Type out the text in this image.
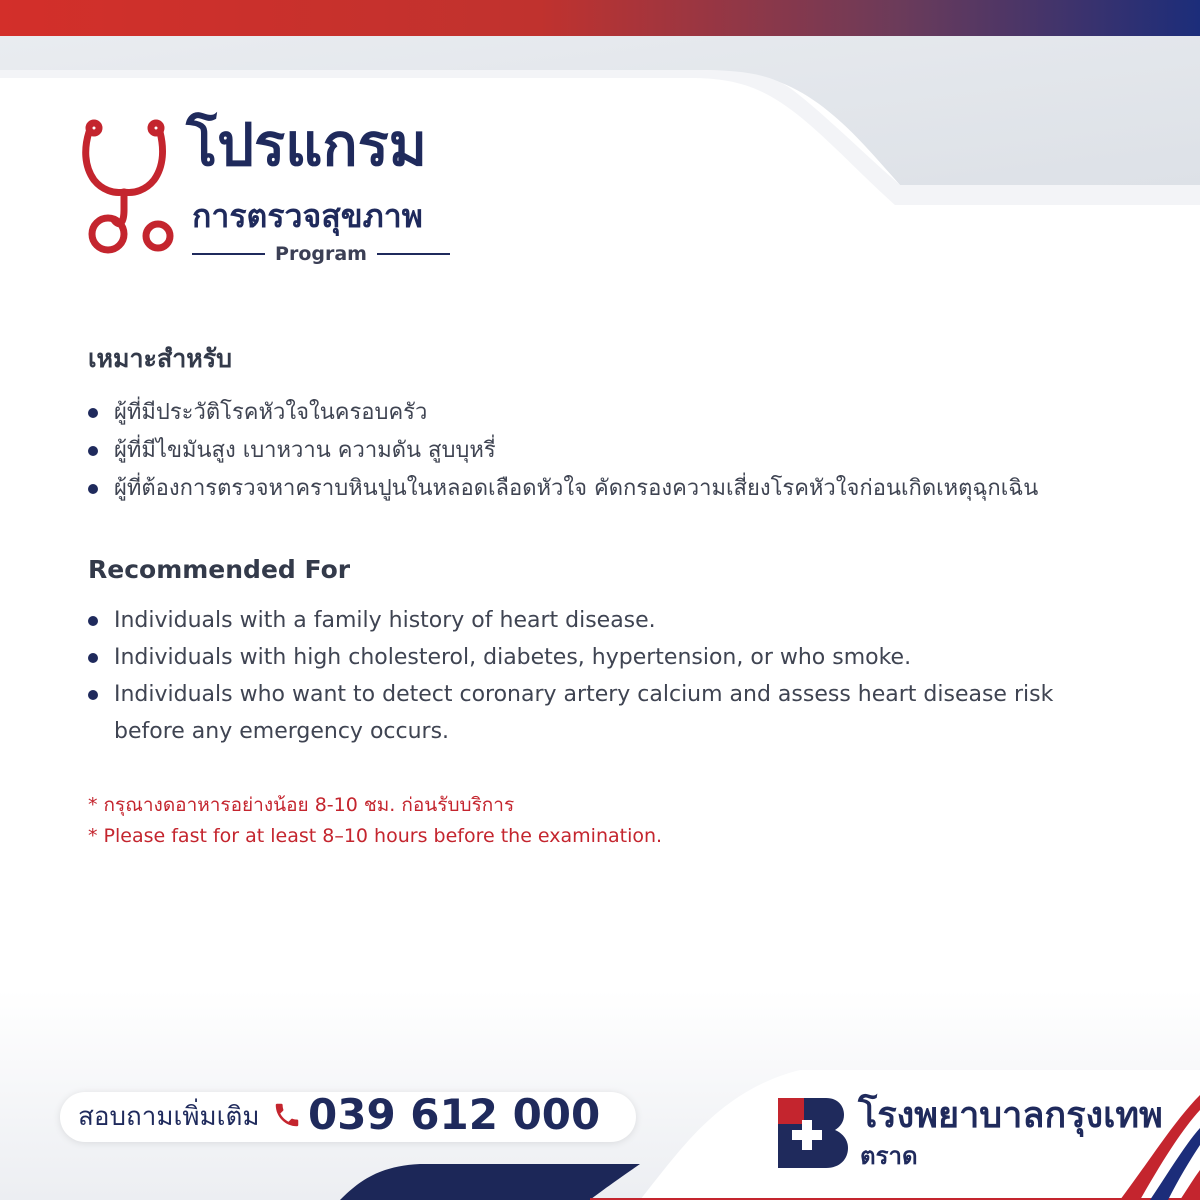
โปรแกรม
การตรวจสุขภาพ
Program
เหมาะสำหรับ
ผู้ที่มีประวัติโรคหัวใจในครอบครัว
ผู้ที่มีไขมันสูง เบาหวาน ความดัน สูบบุหรี่
ผู้ที่ต้องการตรวจหาคราบหินปูนในหลอดเลือดหัวใจ คัดกรองความเสี่ยงโรคหัวใจก่อนเกิดเหตุฉุกเฉิน
Recommended For
Individuals with a family history of heart disease.
Individuals with high cholesterol, diabetes, hypertension, or who smoke.
Individuals who want to detect coronary artery calcium and assess heart disease risk
before any emergency occurs.
* กรุณางดอาหารอย่างน้อย 8-10 ชม. ก่อนรับบริการ
* Please fast for at least 8–10 hours before the examination.
สอบถามเพิ่มเติม 039 612 000	โรงพยาบาลกรุงเทพ
ตราด
